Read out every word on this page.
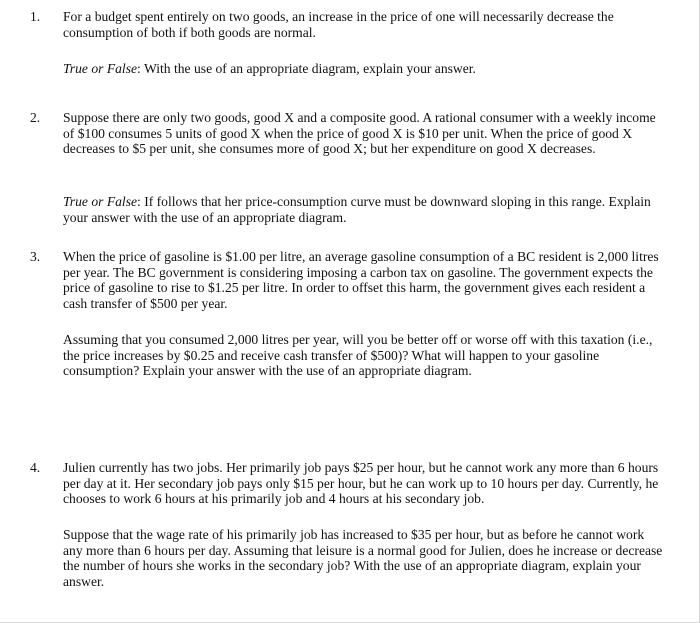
1. For a budget spent entirely on two goods, an increase in the price of one will necessarily decrease the consumption of both if both goods are normal.

True or False: With the use of an appropriate diagram, explain your answer.

2. Suppose there are only two goods, good X and a composite good. A rational consumer with a weekly income of $100 consumes 5 units of good X when the price of good X is $10 per unit. When the price of good X decreases to $5 per unit, she consumes more of good X; but her expenditure on good X decreases.

True or False: If follows that her price-consumption curve must be downward sloping in this range. Explain your answer with the use of an appropriate diagram.

3. When the price of gasoline is $1.00 per litre, an average gasoline consumption of a BC resident is 2,000 litres per year. The BC government is considering imposing a carbon tax on gasoline. The government expects the price of gasoline to rise to $1.25 per litre. In order to offset this harm, the government gives each resident a cash transfer of $500 per year.

Assuming that you consumed 2,000 litres per year, will you be better off or worse off with this taxation (i.e., the price increases by $0.25 and receive cash transfer of $500)? What will happen to your gasoline consumption? Explain your answer with the use of an appropriate diagram.

4. Julien currently has two jobs. Her primarily job pays $25 per hour, but he cannot work any more than 6 hours per day at it. Her secondary job pays only $15 per hour, but he can work up to 10 hours per day. Currently, he chooses to work 6 hours at his primarily job and 4 hours at his secondary job.

Suppose that the wage rate of his primarily job has increased to $35 per hour, but as before he cannot work any more than 6 hours per day. Assuming that leisure is a normal good for Julien, does he increase or decrease the number of hours she works in the secondary job? With the use of an appropriate diagram, explain your answer.
